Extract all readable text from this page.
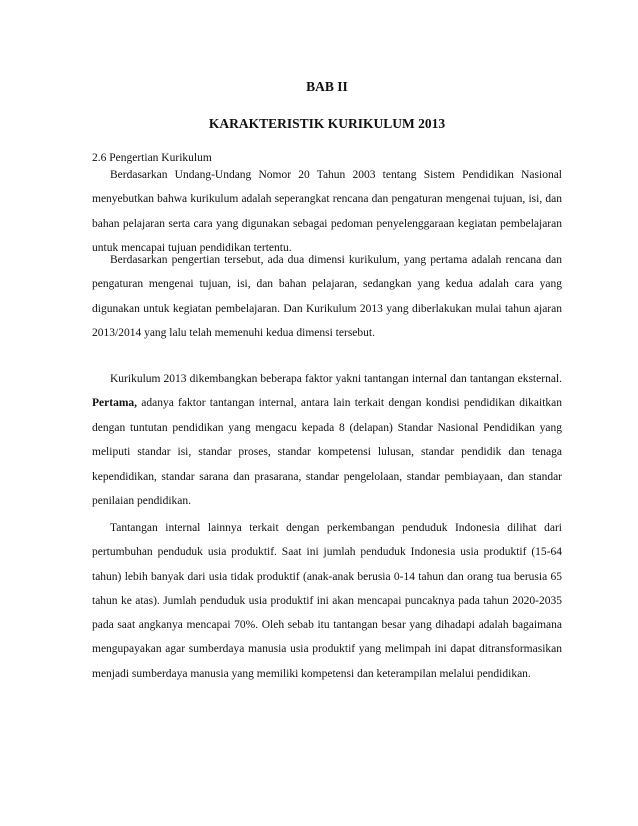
BAB II
KARAKTERISTIK KURIKULUM 2013
2.6 Pengertian Kurikulum
Berdasarkan Undang-Undang Nomor 20 Tahun 2003 tentang Sistem Pendidikan Nasional menyebutkan bahwa kurikulum adalah seperangkat rencana dan pengaturan mengenai tujuan, isi, dan bahan pelajaran serta cara yang digunakan sebagai pedoman penyelenggaraan kegiatan pembelajaran untuk mencapai tujuan pendidikan tertentu.
Berdasarkan pengertian tersebut, ada dua dimensi kurikulum, yang pertama adalah rencana dan pengaturan mengenai tujuan, isi, dan bahan pelajaran, sedangkan yang kedua adalah cara yang digunakan untuk kegiatan pembelajaran. Dan Kurikulum 2013 yang diberlakukan mulai tahun ajaran 2013/2014 yang lalu telah memenuhi kedua dimensi tersebut.
Kurikulum 2013 dikembangkan beberapa faktor yakni tantangan internal dan tantangan eksternal. Pertama, adanya faktor tantangan internal, antara lain terkait dengan kondisi pendidikan dikaitkan dengan tuntutan pendidikan yang mengacu kepada 8 (delapan) Standar Nasional Pendidikan yang meliputi standar isi, standar proses, standar kompetensi lulusan, standar pendidik dan tenaga kependidikan, standar sarana dan prasarana, standar pengelolaan, standar pembiayaan, dan standar penilaian pendidikan.
Tantangan internal lainnya terkait dengan perkembangan penduduk Indonesia dilihat dari pertumbuhan penduduk usia produktif. Saat ini jumlah penduduk Indonesia usia produktif (15-64 tahun) lebih banyak dari usia tidak produktif (anak-anak berusia 0-14 tahun dan orang tua berusia 65 tahun ke atas). Jumlah penduduk usia produktif ini akan mencapai puncaknya pada tahun 2020-2035 pada saat angkanya mencapai 70%. Oleh sebab itu tantangan besar yang dihadapi adalah bagaimana mengupayakan agar sumberdaya manusia usia produktif yang melimpah ini dapat ditransformasikan menjadi sumberdaya manusia yang memiliki kompetensi dan keterampilan melalui pendidikan.
